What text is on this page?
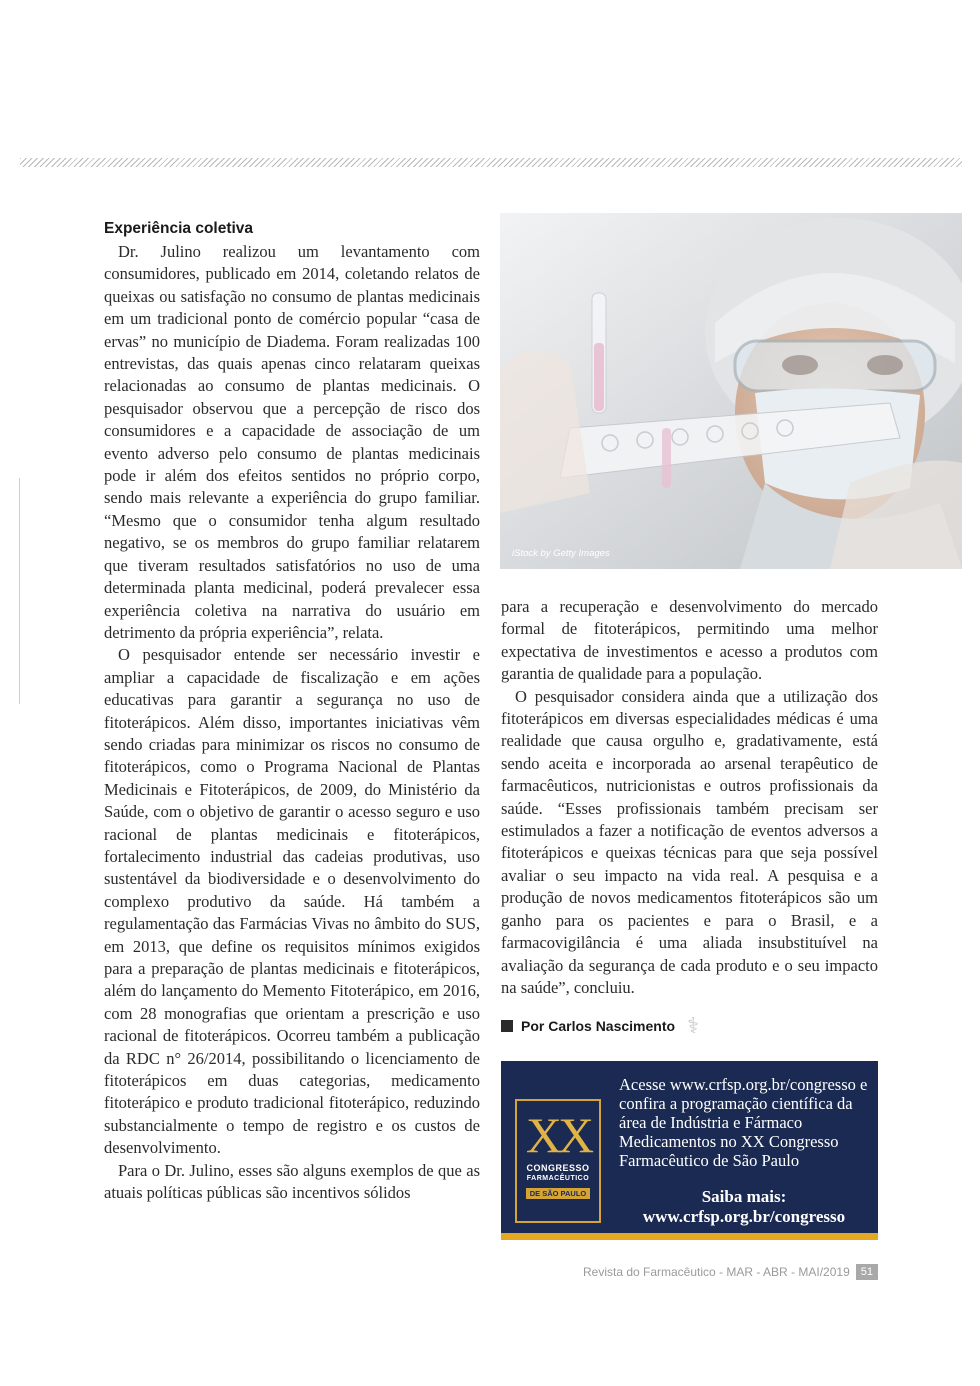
Experiência coletiva

Dr. Julino realizou um levantamento com consumidores, publicado em 2014, coletando relatos de queixas ou satisfação no consumo de plantas medicinais em um tradicional ponto de comércio popular “casa de ervas” no município de Diadema. Foram realizadas 100 entrevistas, das quais apenas cinco relataram queixas relacionadas ao consumo de plantas medicinais. O pesquisador observou que a percepção de risco dos consumidores e a capacidade de associação de um evento adverso pelo consumo de plantas medicinais pode ir além dos efeitos sentidos no próprio corpo, sendo mais relevante a experiência do grupo familiar. “Mesmo que o consumidor tenha algum resultado negativo, se os membros do grupo familiar relatarem que tiveram resultados satisfatórios no uso de uma determinada planta medicinal, poderá prevalecer essa experiência coletiva na narrativa do usuário em detrimento da própria experiência”, relata.

O pesquisador entende ser necessário investir e ampliar a capacidade de fiscalização e em ações educativas para garantir a segurança no uso de fitoterápicos. Além disso, importantes iniciativas vêm sendo criadas para minimizar os riscos no consumo de fitoterápicos, como o Programa Nacional de Plantas Medicinais e Fitoterápicos, de 2009, do Ministério da Saúde, com o objetivo de garantir o acesso seguro e uso racional de plantas medicinais e fitoterápicos, fortalecimento industrial das cadeias produtivas, uso sustentável da biodiversidade e o desenvolvimento do complexo produtivo da saúde. Há também a regulamentação das Farmácias Vivas no âmbito do SUS, em 2013, que define os requisitos mínimos exigidos para a preparação de plantas medicinais e fitoterápicos, além do lançamento do Memento Fitoterápico, em 2016, com 28 monografias que orientam a prescrição e uso racional de fitoterápicos. Ocorreu também a publicação da RDC n° 26/2014, possibilitando o licenciamento de fitoterápicos em duas categorias, medicamento fitoterápico e produto tradicional fitoterápico, reduzindo substancialmente o tempo de registro e os custos de desenvolvimento.

Para o Dr. Julino, esses são alguns exemplos de que as atuais políticas públicas são incentivos sólidos

iStock by Getty Images

para a recuperação e desenvolvimento do mercado formal de fitoterápicos, permitindo uma melhor expectativa de investimentos e acesso a produtos com garantia de qualidade para a população.

O pesquisador considera ainda que a utilização dos fitoterápicos em diversas especialidades médicas é uma realidade que causa orgulho e, gradativamente, está sendo aceita e incorporada ao arsenal terapêutico de farmacêuticos, nutricionistas e outros profissionais da saúde. “Esses profissionais também precisam ser estimulados a fazer a notificação de eventos adversos a fitoterápicos e queixas técnicas para que seja possível avaliar o seu impacto na vida real. A pesquisa e a produção de novos medicamentos fitoterápicos são um ganho para os pacientes e para o Brasil, e a farmacovigilância é uma aliada insubstituível na avaliação da segurança de cada produto e o seu impacto na saúde”, concluiu.

Por Carlos Nascimento ⚕
XX
CONGRESSO
FARMACÊUTICO
DE SÃO PAULO
Acesse www.crfsp.org.br/congresso e confira a programação científica da área de Indústria e Fármaco Medicamentos no XX Congresso Farmacêutico de São Paulo
Saiba mais:
www.crfsp.org.br/congresso
Revista do Farmacêutico - MAR - ABR - MAI/2019	51
